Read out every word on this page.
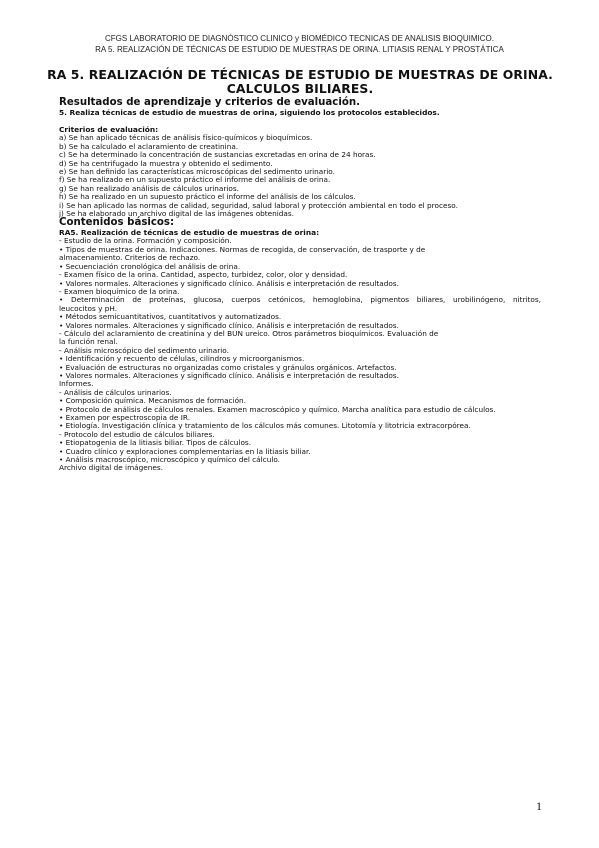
CFGS LABORATORIO DE DIAGNÓSTICO CLINICO y BIOMÉDICO TECNICAS DE ANALISIS BIOQUIMICO.
RA 5. REALIZACIÓN DE TÉCNICAS DE ESTUDIO DE MUESTRAS DE ORINA. LITIASIS RENAL Y PROSTÁTICA
RA 5. REALIZACIÓN DE TÉCNICAS DE ESTUDIO DE MUESTRAS DE ORINA.
CALCULOS BILIARES.
Resultados de aprendizaje y criterios de evaluación.
5. Realiza técnicas de estudio de muestras de orina, siguiendo los protocolos establecidos.
Criterios de evaluación:
a) Se han aplicado técnicas de análisis físico-químicos y bioquímicos.
b) Se ha calculado el aclaramiento de creatinina.
c) Se ha determinado la concentración de sustancias excretadas en orina de 24 horas.
d) Se ha centrifugado la muestra y obtenido el sedimento.
e) Se han definido las características microscópicas del sedimento urinario.
f) Se ha realizado en un supuesto práctico el informe del análisis de orina.
g) Se han realizado análisis de cálculos urinarios.
h) Se ha realizado en un supuesto práctico el informe del análisis de los cálculos.
i) Se han aplicado las normas de calidad, seguridad, salud laboral y protección ambiental en todo el proceso.
j) Se ha elaborado un archivo digital de las imágenes obtenidas.
Contenidos básicos:
RA5. Realización de técnicas de estudio de muestras de orina:
- Estudio de la orina. Formación y composición.
• Tipos de muestras de orina. Indicaciones. Normas de recogida, de conservación, de trasporte y de
almacenamiento. Criterios de rechazo.
• Secuenciación cronológica del análisis de orina.
- Examen físico de la orina. Cantidad, aspecto, turbidez, color, olor y densidad.
• Valores normales. Alteraciones y significado clínico. Análisis e interpretación de resultados.
- Examen bioquímico de la orina.
• Determinación de proteínas, glucosa, cuerpos cetónicos, hemoglobina, pigmentos biliares, urobilinógeno, nitritos,
leucocitos y pH.
• Métodos semicuantitativos, cuantitativos y automatizados.
• Valores normales. Alteraciones y significado clínico. Análisis e interpretación de resultados.
- Cálculo del aclaramiento de creatinina y del BUN ureico. Otros parámetros bioquímicos. Evaluación de
la función renal.
- Análisis microscópico del sedimento urinario.
• Identificación y recuento de células, cilindros y microorganismos.
• Evaluación de estructuras no organizadas como cristales y gránulos orgánicos. Artefactos.
• Valores normales. Alteraciones y significado clínico. Análisis e interpretación de resultados.
Informes.
- Análisis de cálculos urinarios.
• Composición química. Mecanismos de formación.
• Protocolo de análisis de cálculos renales. Examen macroscópico y químico. Marcha analítica para estudio de cálculos.
• Examen por espectroscopia de IR.
• Etiología. Investigación clínica y tratamiento de los cálculos más comunes. Litotomía y litotricia extracorpórea.
- Protocolo del estudio de cálculos biliares.
• Etiopatogenia de la litiasis biliar. Tipos de cálculos.
• Cuadro clínico y exploraciones complementarias en la litiasis biliar.
• Análisis macroscópico, microscópico y químico del cálculo.
Archivo digital de imágenes.
1
